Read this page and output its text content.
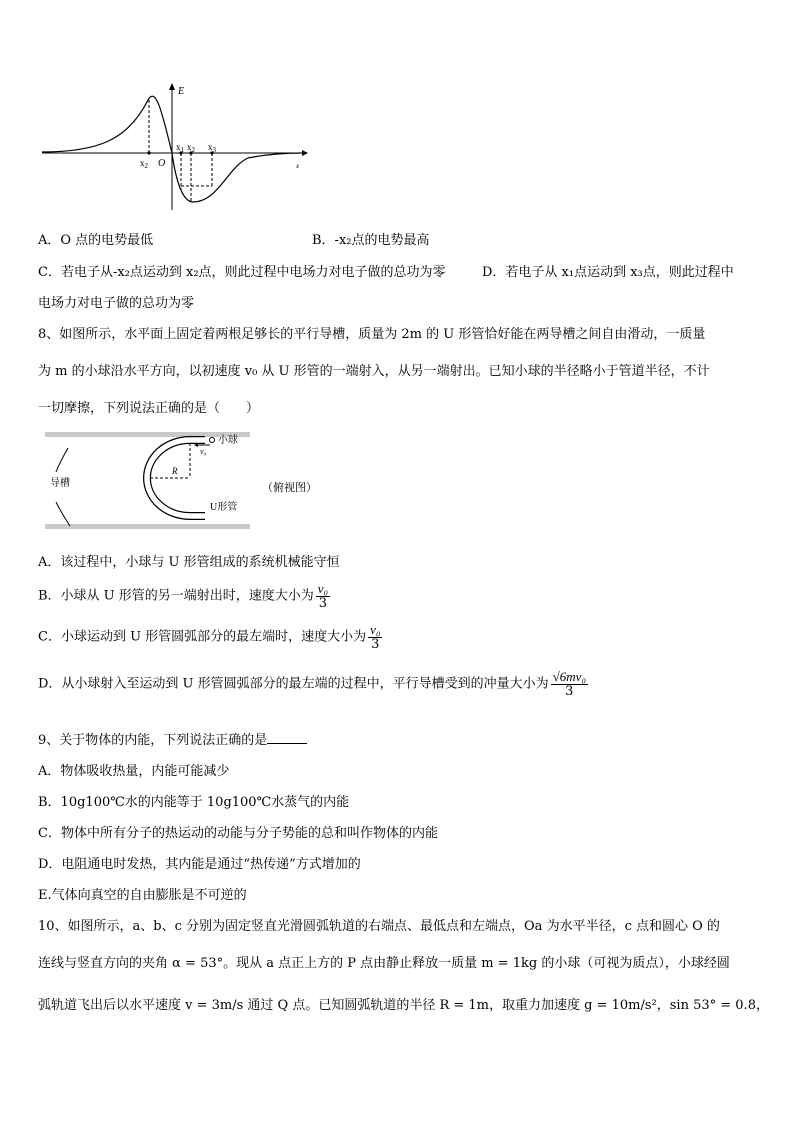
E
x
O
$x_2$
$x_1$ $x_2$ $x_3$
A．O 点的电势最低	B．-x₂点的电势最高
C．若电子从-x₂点运动到 x₂点，则此过程中电场力对电子做的总功为零	D．若电子从 x₁点运动到 x₃点，则此过程中
电场力对电子做的总功为零
8、如图所示，水平面上固定着两根足够长的平行导槽，质量为 2m 的 U 形管恰好能在两导槽之间自由滑动，一质量
为 m 的小球沿水平方向，以初速度 v₀ 从 U 形管的一端射入，从另一端射出。已知小球的半径略小于管道半径，不计
一切摩擦，下列说法正确的是（　　）
小球
v₀
R
导槽
U形管
（俯视图）
A．该过程中，小球与 U 形管组成的系统机械能守恒
B．小球从 U 形管的另一端射出时，速度大小为 $\frac{\text{v₀}}{3}$
C．小球运动到 U 形管圆弧部分的最左端时，速度大小为 $\frac{\text{v₀}}{3}$
D．从小球射入至运动到 U 形管圆弧部分的最左端的过程中，平行导槽受到的冲量大小为 $\frac{\text{√6mv₀}}{3}$
9、关于物体的内能，下列说法正确的是
A．物体吸收热量，内能可能减少
B．10g100℃水的内能等于 10g100℃水蒸气的内能
C．物体中所有分子的热运动的动能与分子势能的总和叫作物体的内能
D．电阻通电时发热，其内能是通过“热传递”方式增加的
E.气体向真空的自由膨胀是不可逆的
10、如图所示，a、b、c 分别为固定竖直光滑圆弧轨道的右端点、最低点和左端点，Oa 为水平半径，c 点和圆心 O 的
连线与竖直方向的夹角 α = 53°。现从 a 点正上方的 P 点由静止释放一质量 m = 1kg 的小球（可视为质点），小球经圆
弧轨道飞出后以水平速度 v = 3m/s 通过 Q 点。已知圆弧轨道的半径 R = 1m，取重力加速度 g = 10m/s²，sin 53° = 0.8，
